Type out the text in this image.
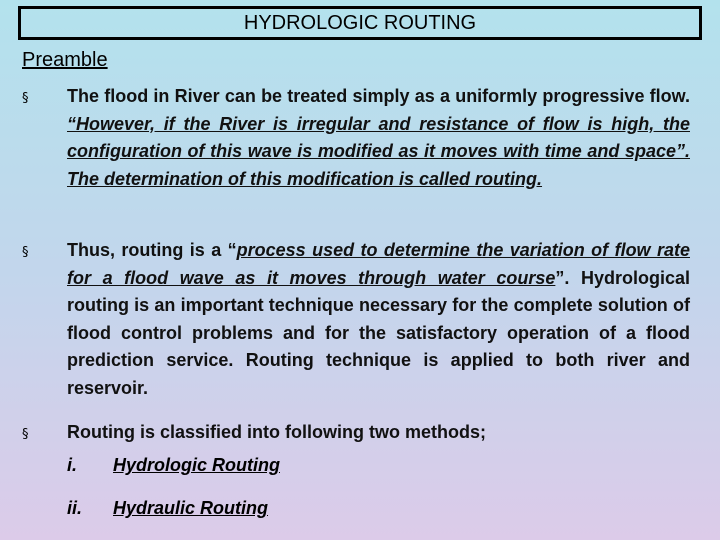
HYDROLOGIC ROUTING
Preamble
§ The flood in River can be treated simply as a uniformly progressive flow. “However, if the River is irregular and resistance of flow is high, the configuration of this wave is modified as it moves with time and space”. The determination of this modification is called routing.
§ Thus, routing is a “process used to determine the variation of flow rate for a flood wave as it moves through water course”. Hydrological routing is an important technique necessary for the complete solution of flood control problems and for the satisfactory operation of a flood prediction service. Routing technique is applied to both river and reservoir.
§ Routing is classified into following two methods;
i. Hydrologic Routing
ii. Hydraulic Routing
